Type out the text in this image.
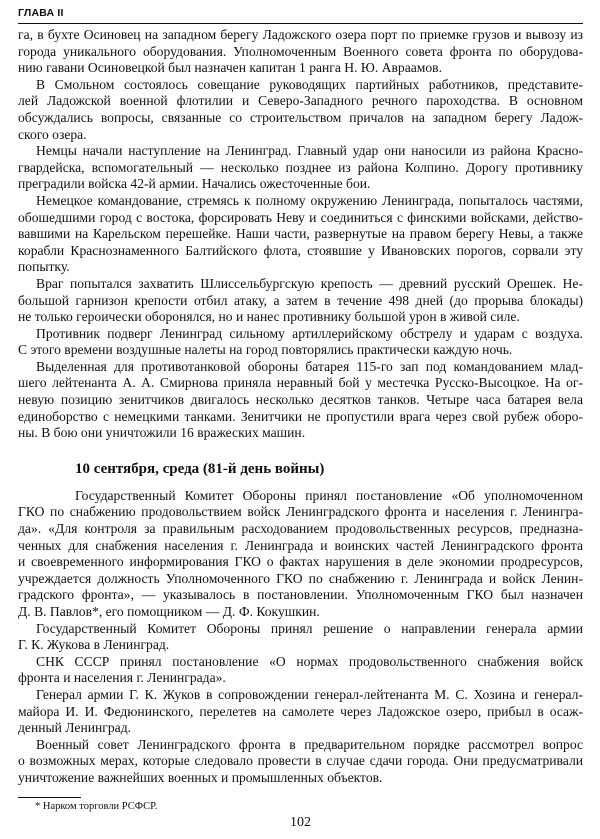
ГЛАВА II
га, в бухте Осиновец на западном берегу Ладожского озера порт по приемке грузов и вывозу из
города уникального оборудования. Уполномоченным Военного совета фронта по оборудова-
нию гавани Осиновецкой был назначен капитан 1 ранга Н. Ю. Авраамов.
В Смольном состоялось совещание руководящих партийных работников, представите-
лей Ладожской военной флотилии и Северо-Западного речного пароходства. В основном
обсуждались вопросы, связанные со строительством причалов на западном берегу Ладож-
ского озера.
Немцы начали наступление на Ленинград. Главный удар они наносили из района Красно-
гвардейска, вспомогательный — несколько позднее из района Колпино. Дорогу противнику
преградили войска 42-й армии. Начались ожесточенные бои.
Немецкое командование, стремясь к полному окружению Ленинграда, попыталось частями,
обошедшими город с востока, форсировать Неву и соединиться с финскими войсками, действо-
вавшими на Карельском перешейке. Наши части, развернутые на правом берегу Невы, а также
корабли Краснознаменного Балтийского флота, стоявшие у Ивановских порогов, сорвали эту
попытку.
Враг попытался захватить Шлиссельбургскую крепость — древний русский Орешек. Не-
большой гарнизон крепости отбил атаку, а затем в течение 498 дней (до прорыва блокады)
не только героически оборонялся, но и нанес противнику большой урон в живой силе.
Противник подверг Ленинград сильному артиллерийскому обстрелу и ударам с воздуха.
С этого времени воздушные налеты на город повторялись практически каждую ночь.
Выделенная для противотанковой обороны батарея 115-го зап под командованием млад-
шего лейтенанта А. А. Смирнова приняла неравный бой у местечка Русско-Высоцкое. На ог-
невую позицию зенитчиков двигалось несколько десятков танков. Четыре часа батарея вела
единоборство с немецкими танками. Зенитчики не пропустили врага через свой рубеж оборо-
ны. В бою они уничтожили 16 вражеских машин.
10 сентября, среда (81-й день войны)
Государственный Комитет Обороны принял постановление «Об уполномоченном
ГКО по снабжению продовольствием войск Ленинградского фронта и населения г. Ленингра-
да». «Для контроля за правильным расходованием продовольственных ресурсов, предназна-
ченных для снабжения населения г. Ленинграда и воинских частей Ленинградского фронта
и своевременного информирования ГКО о фактах нарушения в деле экономии продресурсов,
учреждается должность Уполномоченного ГКО по снабжению г. Ленинграда и войск Ленин-
градского фронта», — указывалось в постановлении. Уполномоченным ГКО был назначен
Д. В. Павлов*, его помощником — Д. Ф. Кокушкин.
Государственный Комитет Обороны принял решение о направлении генерала армии
Г. К. Жукова в Ленинград.
СНК СССР принял постановление «О нормах продовольственного снабжения войск
фронта и населения г. Ленинграда».
Генерал армии Г. К. Жуков в сопровождении генерал-лейтенанта М. С. Хозина и генерал-
майора И. И. Федюнинского, перелетев на самолете через Ладожское озеро, прибыл в осаж-
денный Ленинград.
Военный совет Ленинградского фронта в предварительном порядке рассмотрел вопрос
о возможных мерах, которые следовало провести в случае сдачи города. Они предусматривали
уничтожение важнейших военных и промышленных объектов.
* Нарком торговли РСФСР.
102
